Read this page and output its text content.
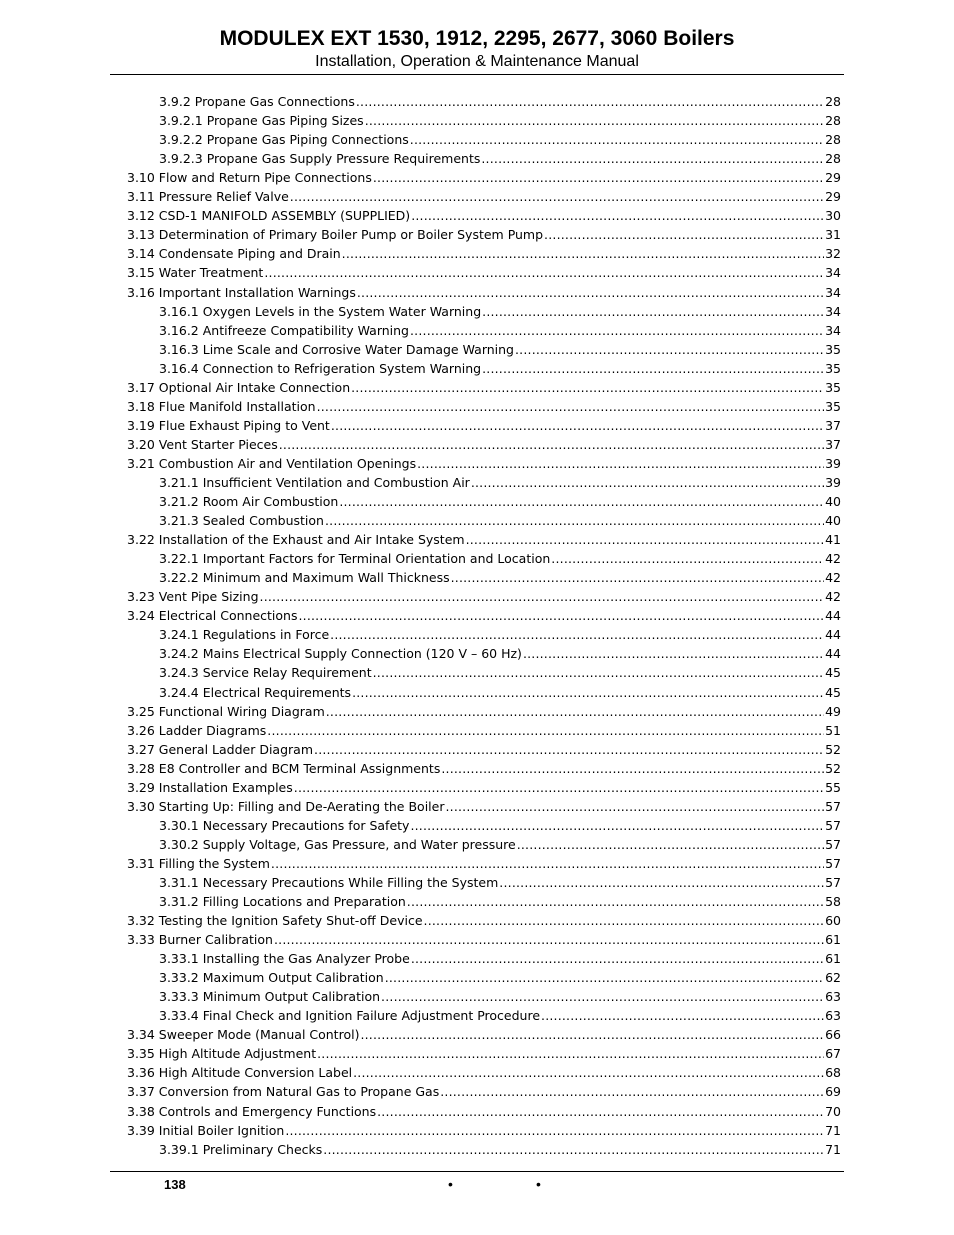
MODULEX EXT 1530, 1912, 2295, 2677, 3060 Boilers
Installation, Operation & Maintenance Manual
3.9.2 Propane Gas Connections .....	28
3.9.2.1 Propane Gas Piping Sizes .....	28
3.9.2.2 Propane Gas Piping Connections .....	28
3.9.2.3 Propane Gas Supply Pressure Requirements .....	28
3.10 Flow and Return Pipe Connections .....	29
3.11 Pressure Relief Valve .....	29
3.12 CSD-1 MANIFOLD ASSEMBLY (SUPPLIED) .....	30
3.13 Determination of Primary Boiler Pump or Boiler System Pump .....	31
3.14 Condensate Piping and Drain .....	32
3.15 Water Treatment .....	34
3.16 Important Installation Warnings .....	34
3.16.1 Oxygen Levels in the System Water Warning .....	34
3.16.2 Antifreeze Compatibility Warning .....	34
3.16.3 Lime Scale and Corrosive Water Damage Warning .....	35
3.16.4 Connection to Refrigeration System Warning .....	35
3.17 Optional Air Intake Connection .....	35
3.18 Flue Manifold Installation .....	35
3.19 Flue Exhaust Piping to Vent .....	37
3.20 Vent Starter Pieces .....	37
3.21 Combustion Air and Ventilation Openings .....	39
3.21.1 Insufficient Ventilation and Combustion Air .....	39
3.21.2 Room Air Combustion .....	40
3.21.3 Sealed Combustion .....	40
3.22 Installation of the Exhaust and Air Intake System .....	41
3.22.1 Important Factors for Terminal Orientation and Location .....	42
3.22.2 Minimum and Maximum Wall Thickness .....	42
3.23 Vent Pipe Sizing .....	42
3.24 Electrical Connections .....	44
3.24.1 Regulations in Force .....	44
3.24.2 Mains Electrical Supply Connection (120 V – 60 Hz) .....	44
3.24.3 Service Relay Requirement .....	45
3.24.4 Electrical Requirements .....	45
3.25 Functional Wiring Diagram .....	49
3.26 Ladder Diagrams .....	51
3.27 General Ladder Diagram .....	52
3.28 E8 Controller and BCM Terminal Assignments .....	52
3.29 Installation Examples .....	55
3.30 Starting Up: Filling and De-Aerating the Boiler .....	57
3.30.1 Necessary Precautions for Safety .....	57
3.30.2 Supply Voltage, Gas Pressure, and Water pressure .....	57
3.31 Filling the System .....	57
3.31.1 Necessary Precautions While Filling the System .....	57
3.31.2 Filling Locations and Preparation .....	58
3.32 Testing the Ignition Safety Shut-off Device .....	60
3.33 Burner Calibration .....	61
3.33.1 Installing the Gas Analyzer Probe .....	61
3.33.2 Maximum Output Calibration .....	62
3.33.3 Minimum Output Calibration .....	63
3.33.4 Final Check and Ignition Failure Adjustment Procedure .....	63
3.34 Sweeper Mode (Manual Control) .....	66
3.35 High Altitude Adjustment .....	67
3.36 High Altitude Conversion Label .....	68
3.37 Conversion from Natural Gas to Propane Gas .....	69
3.38 Controls and Emergency Functions .....	70
3.39 Initial Boiler Ignition .....	71
3.39.1 Preliminary Checks .....	71
138	•	•
